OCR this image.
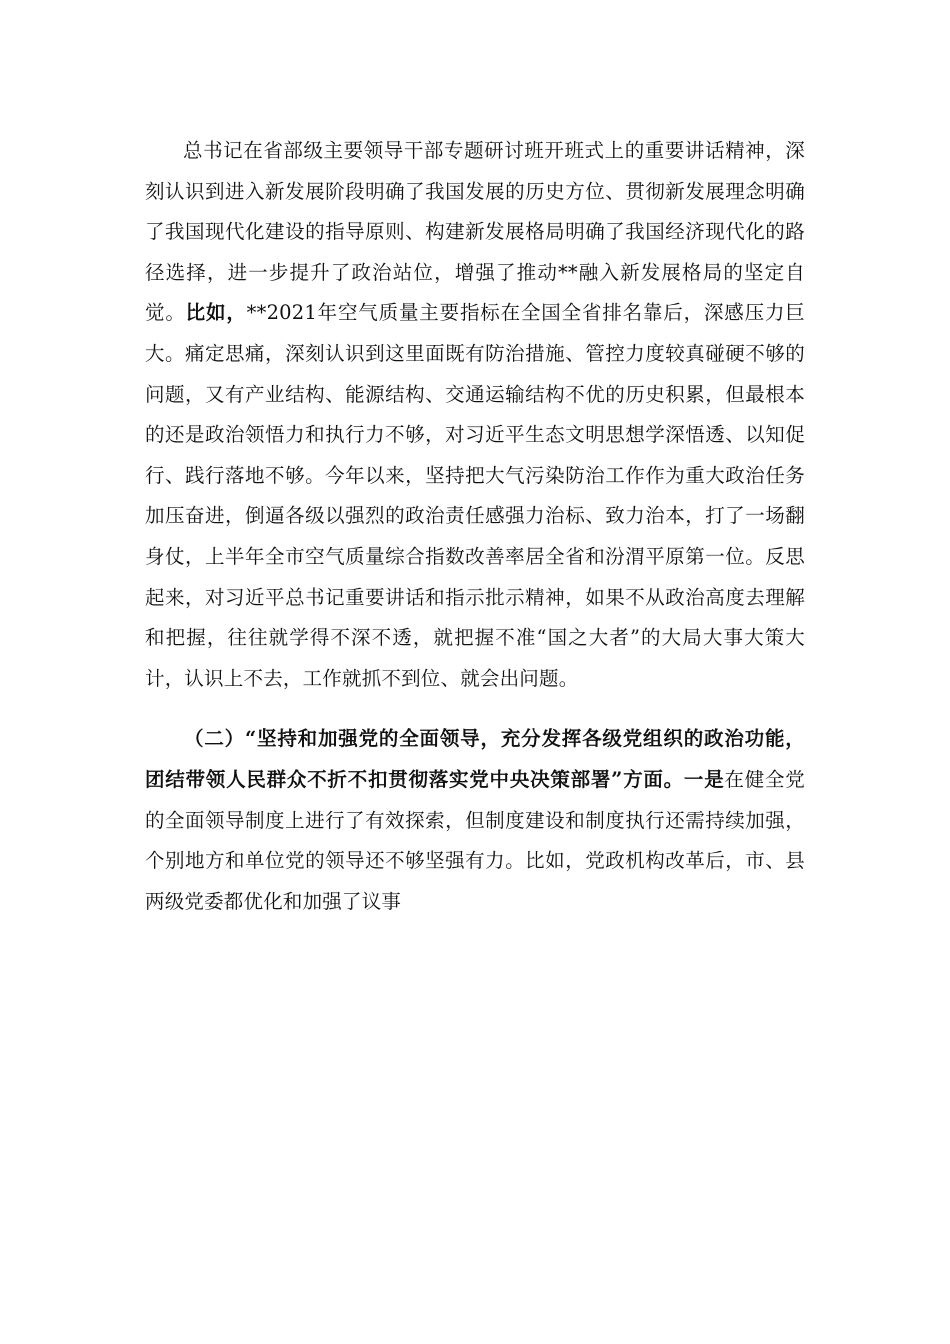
总书记在省部级主要领导干部专题研讨班开班式上的重要讲话精神，深刻认识到进入新发展阶段明确了我国发展的历史方位、贯彻新发展理念明确了我国现代化建设的指导原则、构建新发展格局明确了我国经济现代化的路径选择，进一步提升了政治站位，增强了推动**融入新发展格局的坚定自觉。比如，**2021年空气质量主要指标在全国全省排名靠后，深感压力巨大。痛定思痛，深刻认识到这里面既有防治措施、管控力度较真碰硬不够的问题，又有产业结构、能源结构、交通运输结构不优的历史积累，但最根本的还是政治领悟力和执行力不够，对习近平生态文明思想学深悟透、以知促行、践行落地不够。今年以来，坚持把大气污染防治工作作为重大政治任务加压奋进，倒逼各级以强烈的政治责任感强力治标、致力治本，打了一场翻身仗，上半年全市空气质量综合指数改善率居全省和汾渭平原第一位。反思起来，对习近平总书记重要讲话和指示批示精神，如果不从政治高度去理解和把握，往往就学得不深不透，就把握不准“国之大者”的大局大事大策大计，认识上不去，工作就抓不到位、就会出问题。

（二）“坚持和加强党的全面领导，充分发挥各级党组织的政治功能，团结带领人民群众不折不扣贯彻落实党中央决策部署”方面。一是在健全党的全面领导制度上进行了有效探索，但制度建设和制度执行还需持续加强，个别地方和单位党的领导还不够坚强有力。比如，党政机构改革后，市、县两级党委都优化和加强了议事
